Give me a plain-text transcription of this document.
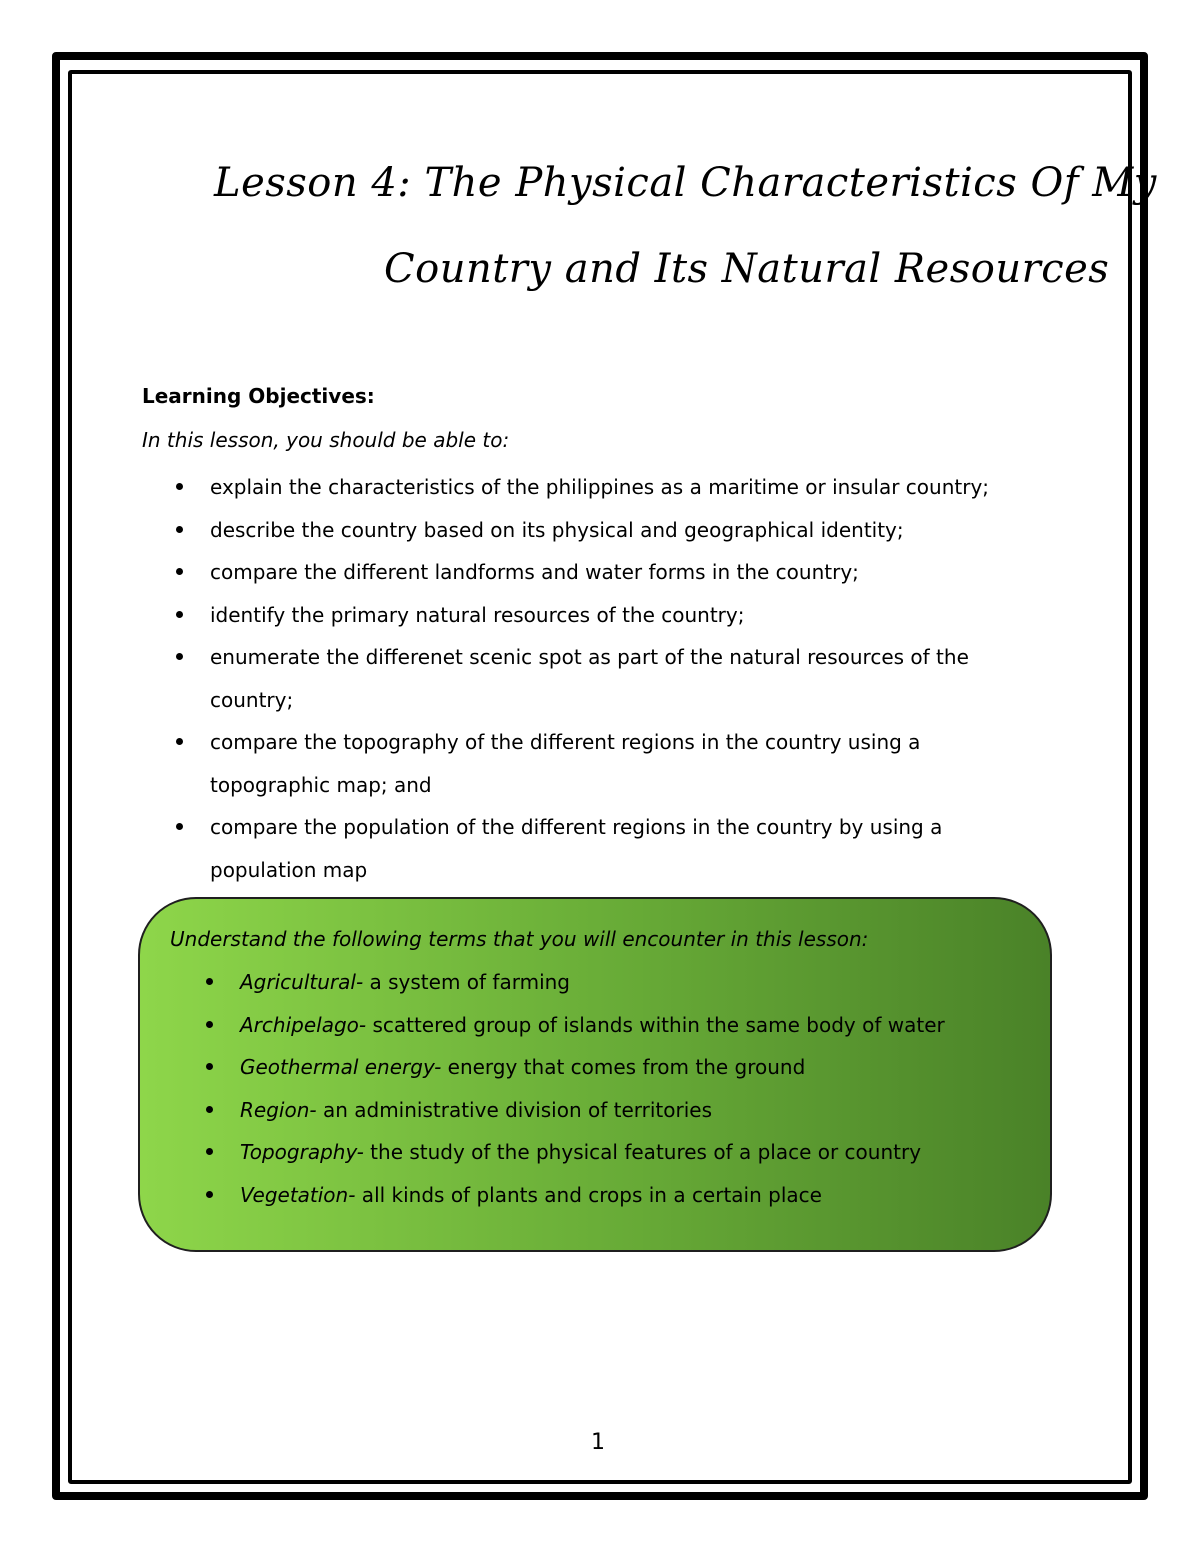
Lesson 4: The Physical Characteristics Of My
Country and Its Natural Resources
Learning Objectives:
In this lesson, you should be able to:
explain the characteristics of the philippines as a maritime or insular country;
describe the country based on its physical and geographical identity;
compare the different landforms and water forms in the country;
identify the primary natural resources of the country;
enumerate the differenet scenic spot as part of the natural resources of the country;
compare the topography of the different regions in the country using a topographic map; and
compare the population of the different regions in the country by using a population map
Understand the following terms that you will encounter in this lesson:
Agricultural- a system of farming
Archipelago- scattered group of islands within the same body of water
Geothermal energy- energy that comes from the ground
Region- an administrative division of territories
Topography- the study of the physical features of a place or country
Vegetation- all kinds of plants and crops in a certain place
1
